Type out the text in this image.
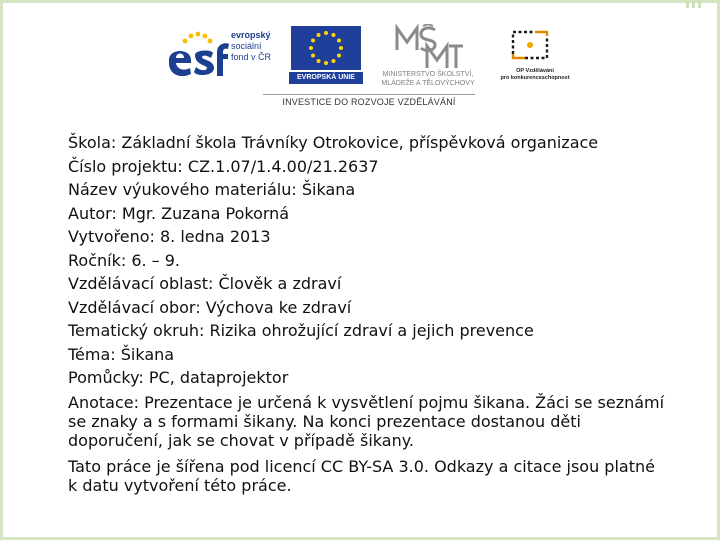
evropský
sociální
fond v ČR
EVROPSKÁ UNIE	MINISTERSTVO ŠKOLSTVÍ,
MLÁDEŽE A TĚLOVÝCHOVY
OP Vzdělávání
pro konkurenceschopnost
INVESTICE DO ROZVOJE VZDĚLÁVÁNÍ
Škola: Základní škola Trávníky Otrokovice, příspěvková organizace
Číslo projektu: CZ.1.07/1.4.00/21.2637
Název výukového materiálu: Šikana
Autor: Mgr. Zuzana Pokorná
Vytvořeno: 8. ledna 2013
Ročník: 6. – 9.
Vzdělávací oblast: Člověk a zdraví
Vzdělávací obor: Výchova ke zdraví
Tematický okruh: Rizika ohrožující zdraví a jejich prevence
Téma: Šikana
Pomůcky: PC, dataprojektor
Anotace: Prezentace je určená k vysvětlení pojmu šikana. Žáci se seznámí se znaky a s formami šikany. Na konci prezentace dostanou děti doporučení, jak se chovat v případě šikany.
Tato práce je šířena pod licencí CC BY-SA 3.0. Odkazy a citace jsou platné k datu vytvoření této práce.
